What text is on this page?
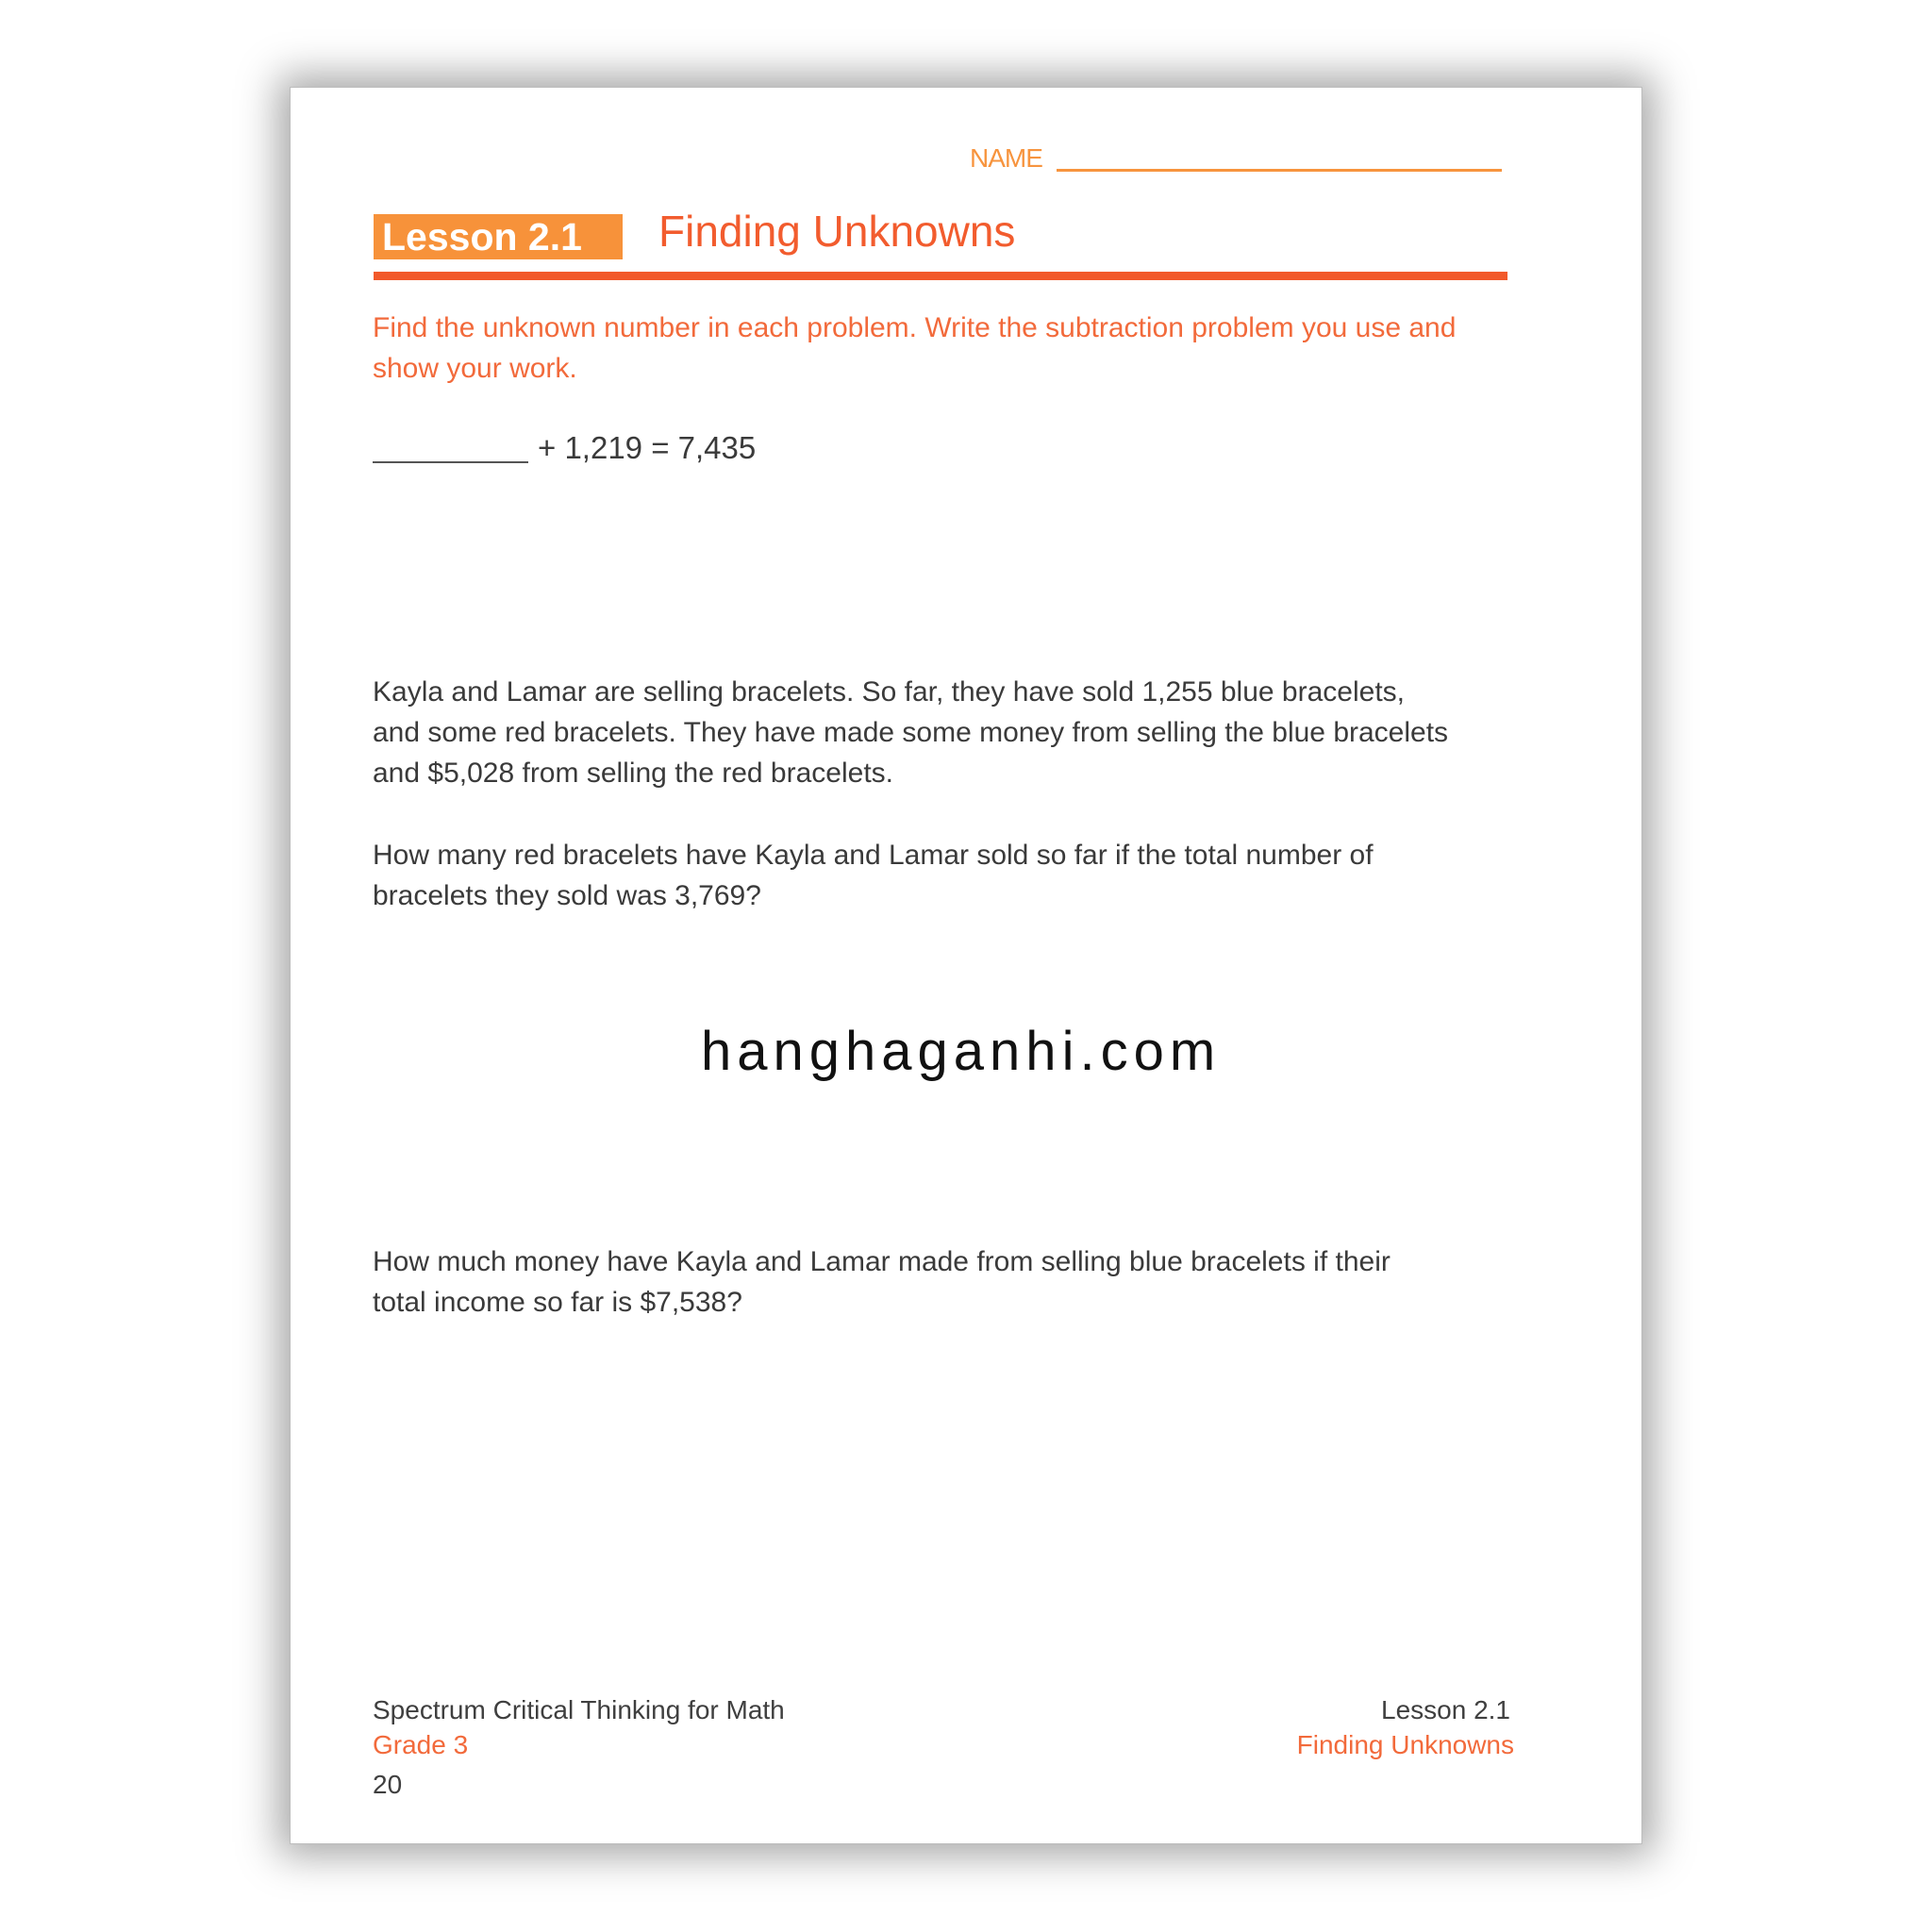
NAME
Lesson 2.1	Finding Unknowns
Find the unknown number in each problem. Write the subtraction problem you use and show your work.
+ 1,219 = 7,435
Kayla and Lamar are selling bracelets. So far, they have sold 1,255 blue bracelets,
and some red bracelets. They have made some money from selling the blue bracelets
and $5,028 from selling the red bracelets.
How many red bracelets have Kayla and Lamar sold so far if the total number of
bracelets they sold was 3,769?
hanghaganhi.com
How much money have Kayla and Lamar made from selling blue bracelets if their
total income so far is $7,538?
Spectrum Critical Thinking for Math
Grade 3
20
Lesson 2.1
Finding Unknowns
